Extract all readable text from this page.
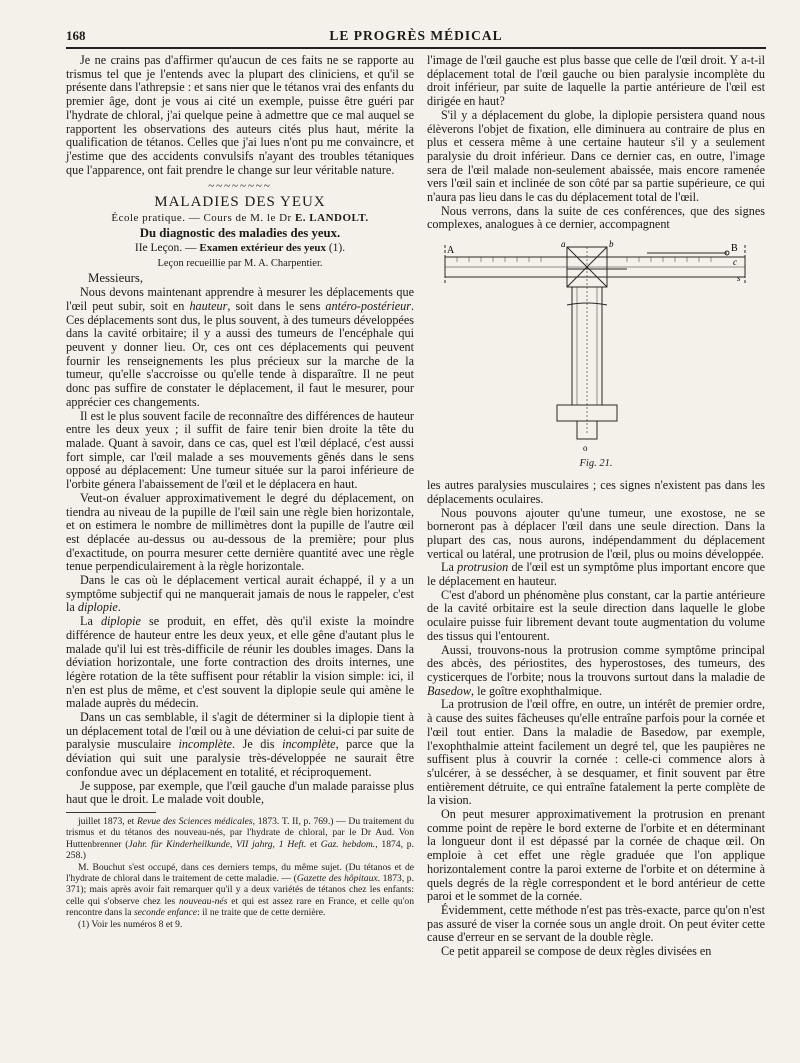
168	LE PROGRÈS MÉDICAL

Je ne crains pas d'affirmer qu'aucun de ces faits ne se rapporte au trismus tel que je l'entends avec la plupart des cliniciens, et qu'il se présente dans l'athrepsie : et sans nier que le tétanos vrai des enfants du premier âge, dont je vous ai cité un exemple, puisse être guéri par l'hydrate de chloral, j'ai quelque peine à admettre que ce mal auquel se rapportent les observations des auteurs cités plus haut, mérite la qualification de tétanos. Celles que j'ai lues n'ont pu me convaincre, et j'estime que des accidents convulsifs n'ayant des troubles tétaniques que l'apparence, ont fait prendre le change sur leur véritable nature.

~~~~~~~~
MALADIES DES YEUX
École pratique. — Cours de M. le Dr E. LANDOLT.
Du diagnostic des maladies des yeux.
IIe Leçon. — Examen extérieur des yeux (1).
Leçon recueillie par M. A. Charpentier.

Messieurs,

Nous devons maintenant apprendre à mesurer les déplacements que l'œil peut subir, soit en hauteur, soit dans le sens antéro-postérieur. Ces déplacements sont dus, le plus souvent, à des tumeurs développées dans la cavité orbitaire; il y a aussi des tumeurs de l'encéphale qui peuvent y donner lieu. Or, ces ont ces déplacements qui peuvent fournir les renseignements les plus précieux sur la marche de la tumeur, qu'elle s'accroisse ou qu'elle tende à disparaître. Il ne peut donc pas suffire de constater le déplacement, il faut le mesurer, pour apprécier ces changements.

Il est le plus souvent facile de reconnaître des différences de hauteur entre les deux yeux ; il suffit de faire tenir bien droite la tête du malade. Quant à savoir, dans ce cas, quel est l'œil déplacé, c'est aussi fort simple, car l'œil malade a ses mouvements gênés dans le sens opposé au déplacement: Une tumeur située sur la paroi inférieure de l'orbite génera l'abaissement de l'œil et le déplacera en haut.

Veut-on évaluer approximativement le degré du déplacement, on tiendra au niveau de la pupille de l'œil sain une règle bien horizontale, et on estimera le nombre de millimètres dont la pupille de l'autre œil est déplacée au-dessus ou au-dessous de la première; pour plus d'exactitude, on pourra mesurer cette dernière quantité avec une règle tenue perpendiculairement à la règle horizontale.

Dans le cas où le déplacement vertical aurait échappé, il y a un symptôme subjectif qui ne manquerait jamais de nous le rappeler, c'est la diplopie.

La diplopie se produit, en effet, dès qu'il existe la moindre différence de hauteur entre les deux yeux, et elle gêne d'autant plus le malade qu'il lui est très-difficile de réunir les doubles images. Dans la déviation horizontale, une forte contraction des droits internes, une légère rotation de la tête suffisent pour rétablir la vision simple: ici, il n'en est plus de même, et c'est souvent la diplopie seule qui amène le malade auprès du médecin.

Dans un cas semblable, il s'agit de déterminer si la diplopie tient à un déplacement total de l'œil ou à une déviation de celui-ci par suite de paralysie musculaire incomplète. Je dis incomplète, parce que la déviation qui suit une paralysie très-développée ne saurait être confondue avec un déplacement en totalité, et réciproquement.

Je suppose, par exemple, que l'œil gauche d'un malade paraisse plus haut que le droit. Le malade voit double,

juillet 1873, et Revue des Sciences médicales, 1873. T. II, p. 769.) — Du traitement du trismus et du tétanos des nouveau-nés, par l'hydrate de chloral, par le Dr Aud. Von Huttenbrenner (Jahr. für Kinderheilkunde, VII jahrg, 1 Heft. et Gaz. hebdom., 1874, p. 258.)

M. Bouchut s'est occupé, dans ces derniers temps, du même sujet. (Du tétanos et de l'hydrate de chloral dans le traitement de cette maladie. — (Gazette des hôpitaux. 1873, p. 371); mais après avoir fait remarquer qu'il y a deux variétés de tétanos chez les enfants: celle qui s'observe chez les nouveau-nés et qui est assez rare en France, et celle qu'on rencontre dans la seconde enfance: il ne traite que de cette dernière.

(1) Voir les numéros 8 et 9.

l'image de l'œil gauche est plus basse que celle de l'œil droit. Y a-t-il déplacement total de l'œil gauche ou bien paralysie incomplète du droit inférieur, par suite de laquelle la partie antérieure de l'œil est dirigée en haut?

S'il y a déplacement du globe, la diplopie persistera quand nous élèverons l'objet de fixation, elle diminuera au contraire de plus en plus et cessera même à une certaine hauteur s'il y a seulement paralysie du droit inférieur. Dans ce dernier cas, en outre, l'image sera de l'œil malade non-seulement abaissée, mais encore ramenée vers l'œil sain et inclinée de son côté par sa partie supérieure, ce qui n'aura pas lieu dans le cas du déplacement total de l'œil.

Nous verrons, dans la suite de ces conférences, que des signes complexes, analogues à ce dernier, accompagnent

A	B
a	b
c
o
s
Fig. 21.

les autres paralysies musculaires ; ces signes n'existent pas dans les déplacements oculaires.

Nous pouvons ajouter qu'une tumeur, une exostose, ne se borneront pas à déplacer l'œil dans une seule direction. Dans la plupart des cas, nous aurons, indépendamment du déplacement vertical ou latéral, une protrusion de l'œil, plus ou moins développée.

La protrusion de l'œil est un symptôme plus important encore que le déplacement en hauteur.

C'est d'abord un phénomène plus constant, car la partie antérieure de la cavité orbitaire est la seule direction dans laquelle le globe oculaire puisse fuir librement devant toute augmentation du volume des tissus qui l'entourent.

Aussi, trouvons-nous la protrusion comme symptôme principal des abcès, des périostites, des hyperostoses, des tumeurs, des cysticerques de l'orbite; nous la trouvons surtout dans la maladie de Basedow, le goître exophthalmique.

La protrusion de l'œil offre, en outre, un intérêt de premier ordre, à cause des suites fâcheuses qu'elle entraîne parfois pour la cornée et l'œil tout entier. Dans la maladie de Basedow, par exemple, l'exophthalmie atteint facilement un degré tel, que les paupières ne suffisent plus à couvrir la cornée : celle-ci commence alors à s'ulcérer, à se dessécher, à se desquamer, et finit souvent par être entièrement détruite, ce qui entraîne fatalement la perte complète de la vision.

On peut mesurer approximativement la protrusion en prenant comme point de repère le bord externe de l'orbite et en déterminant la longueur dont il est dépassé par la cornée de chaque œil. On emploie à cet effet une règle graduée que l'on applique horizontalement contre la paroi externe de l'orbite et on détermine à quels degrés de la règle correspondent et le bord antérieur de cette paroi et le sommet de la cornée.

Évidemment, cette méthode n'est pas très-exacte, parce qu'on n'est pas assuré de viser la cornée sous un angle droit. On peut éviter cette cause d'erreur en se servant de la double règle.

Ce petit appareil se compose de deux règles divisées en
